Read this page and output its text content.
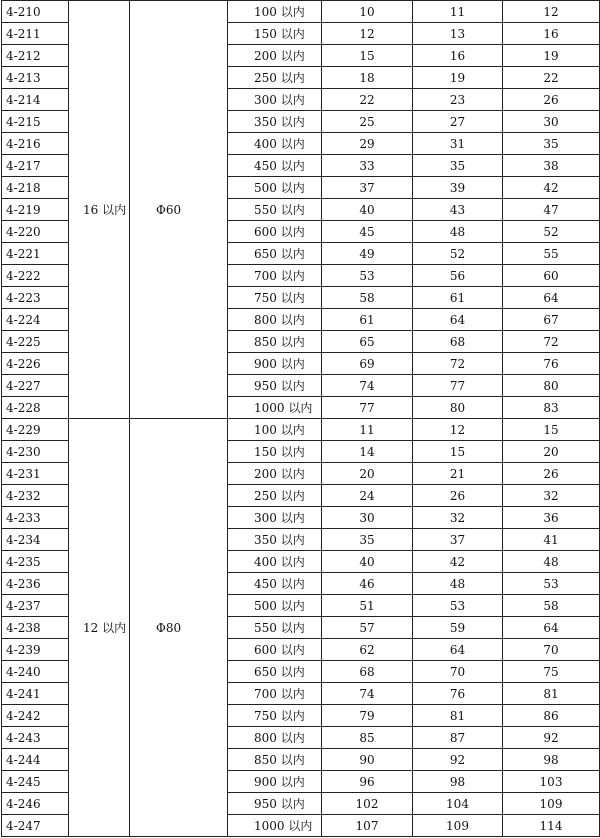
4-210	16 以内	Φ60	100 以内	10	11	12
4-211			150 以内	12	13	16
4-212			200 以内	15	16	19
4-213			250 以内	18	19	22
4-214			300 以内	22	23	26
4-215			350 以内	25	27	30
4-216			400 以内	29	31	35
4-217			450 以内	33	35	38
4-218			500 以内	37	39	42
4-219			550 以内	40	43	47
4-220			600 以内	45	48	52
4-221			650 以内	49	52	55
4-222			700 以内	53	56	60
4-223			750 以内	58	61	64
4-224			800 以内	61	64	67
4-225			850 以内	65	68	72
4-226			900 以内	69	72	76
4-227			950 以内	74	77	80
4-228			1000 以内	77	80	83
4-229	12 以内	Φ80	100 以内	11	12	15
4-230			150 以内	14	15	20
4-231			200 以内	20	21	26
4-232			250 以内	24	26	32
4-233			300 以内	30	32	36
4-234			350 以内	35	37	41
4-235			400 以内	40	42	48
4-236			450 以内	46	48	53
4-237			500 以内	51	53	58
4-238			550 以内	57	59	64
4-239			600 以内	62	64	70
4-240			650 以内	68	70	75
4-241			700 以内	74	76	81
4-242			750 以内	79	81	86
4-243			800 以内	85	87	92
4-244			850 以内	90	92	98
4-245			900 以内	96	98	103
4-246			950 以内	102	104	109
4-247			1000 以内	107	109	114
